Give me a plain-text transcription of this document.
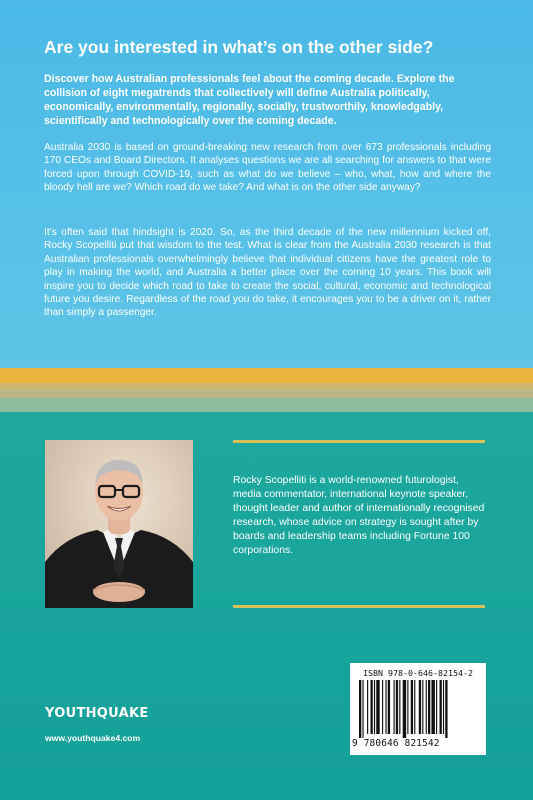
Are you interested in what’s on the other side?

Discover how Australian professionals feel about the coming decade. Explore the collision of eight megatrends that collectively will define Australia politically, economically, environmentally, regionally, socially, trustworthily, knowledgably, scientifically and technologically over the coming decade.

Australia 2030 is based on ground-breaking new research from over 673 professionals including 170 CEOs and Board Directors. It analyses questions we are all searching for answers to that were forced upon through COVID-19, such as what do we believe – who, what, how and where the bloody hell are we? Which road do we take? And what is on the other side anyway?

It’s often said that hindsight is 2020. So, as the third decade of the new millennium kicked off, Rocky Scopelliti put that wisdom to the test. What is clear from the Australia 2030 research is that Australian professionals overwhelmingly believe that individual citizens have the greatest role to play in making the world, and Australia a better place over the coming 10 years. This book will inspire you to decide which road to take to create the social, cultural, economic and technological future you desire. Regardless of the road you do take, it encourages you to be a driver on it, rather than simply a passenger.

Rocky Scopelliti is a world-renowned futurologist, media commentator, international keynote speaker, thought leader and author of internationally recognised research, whose advice on strategy is sought after by boards and leadership teams including Fortune 100 corporations.

YOUTHQUAKE
www.youthquake4.com
ISBN 978-0-646-82154-2
9 780646 821542
